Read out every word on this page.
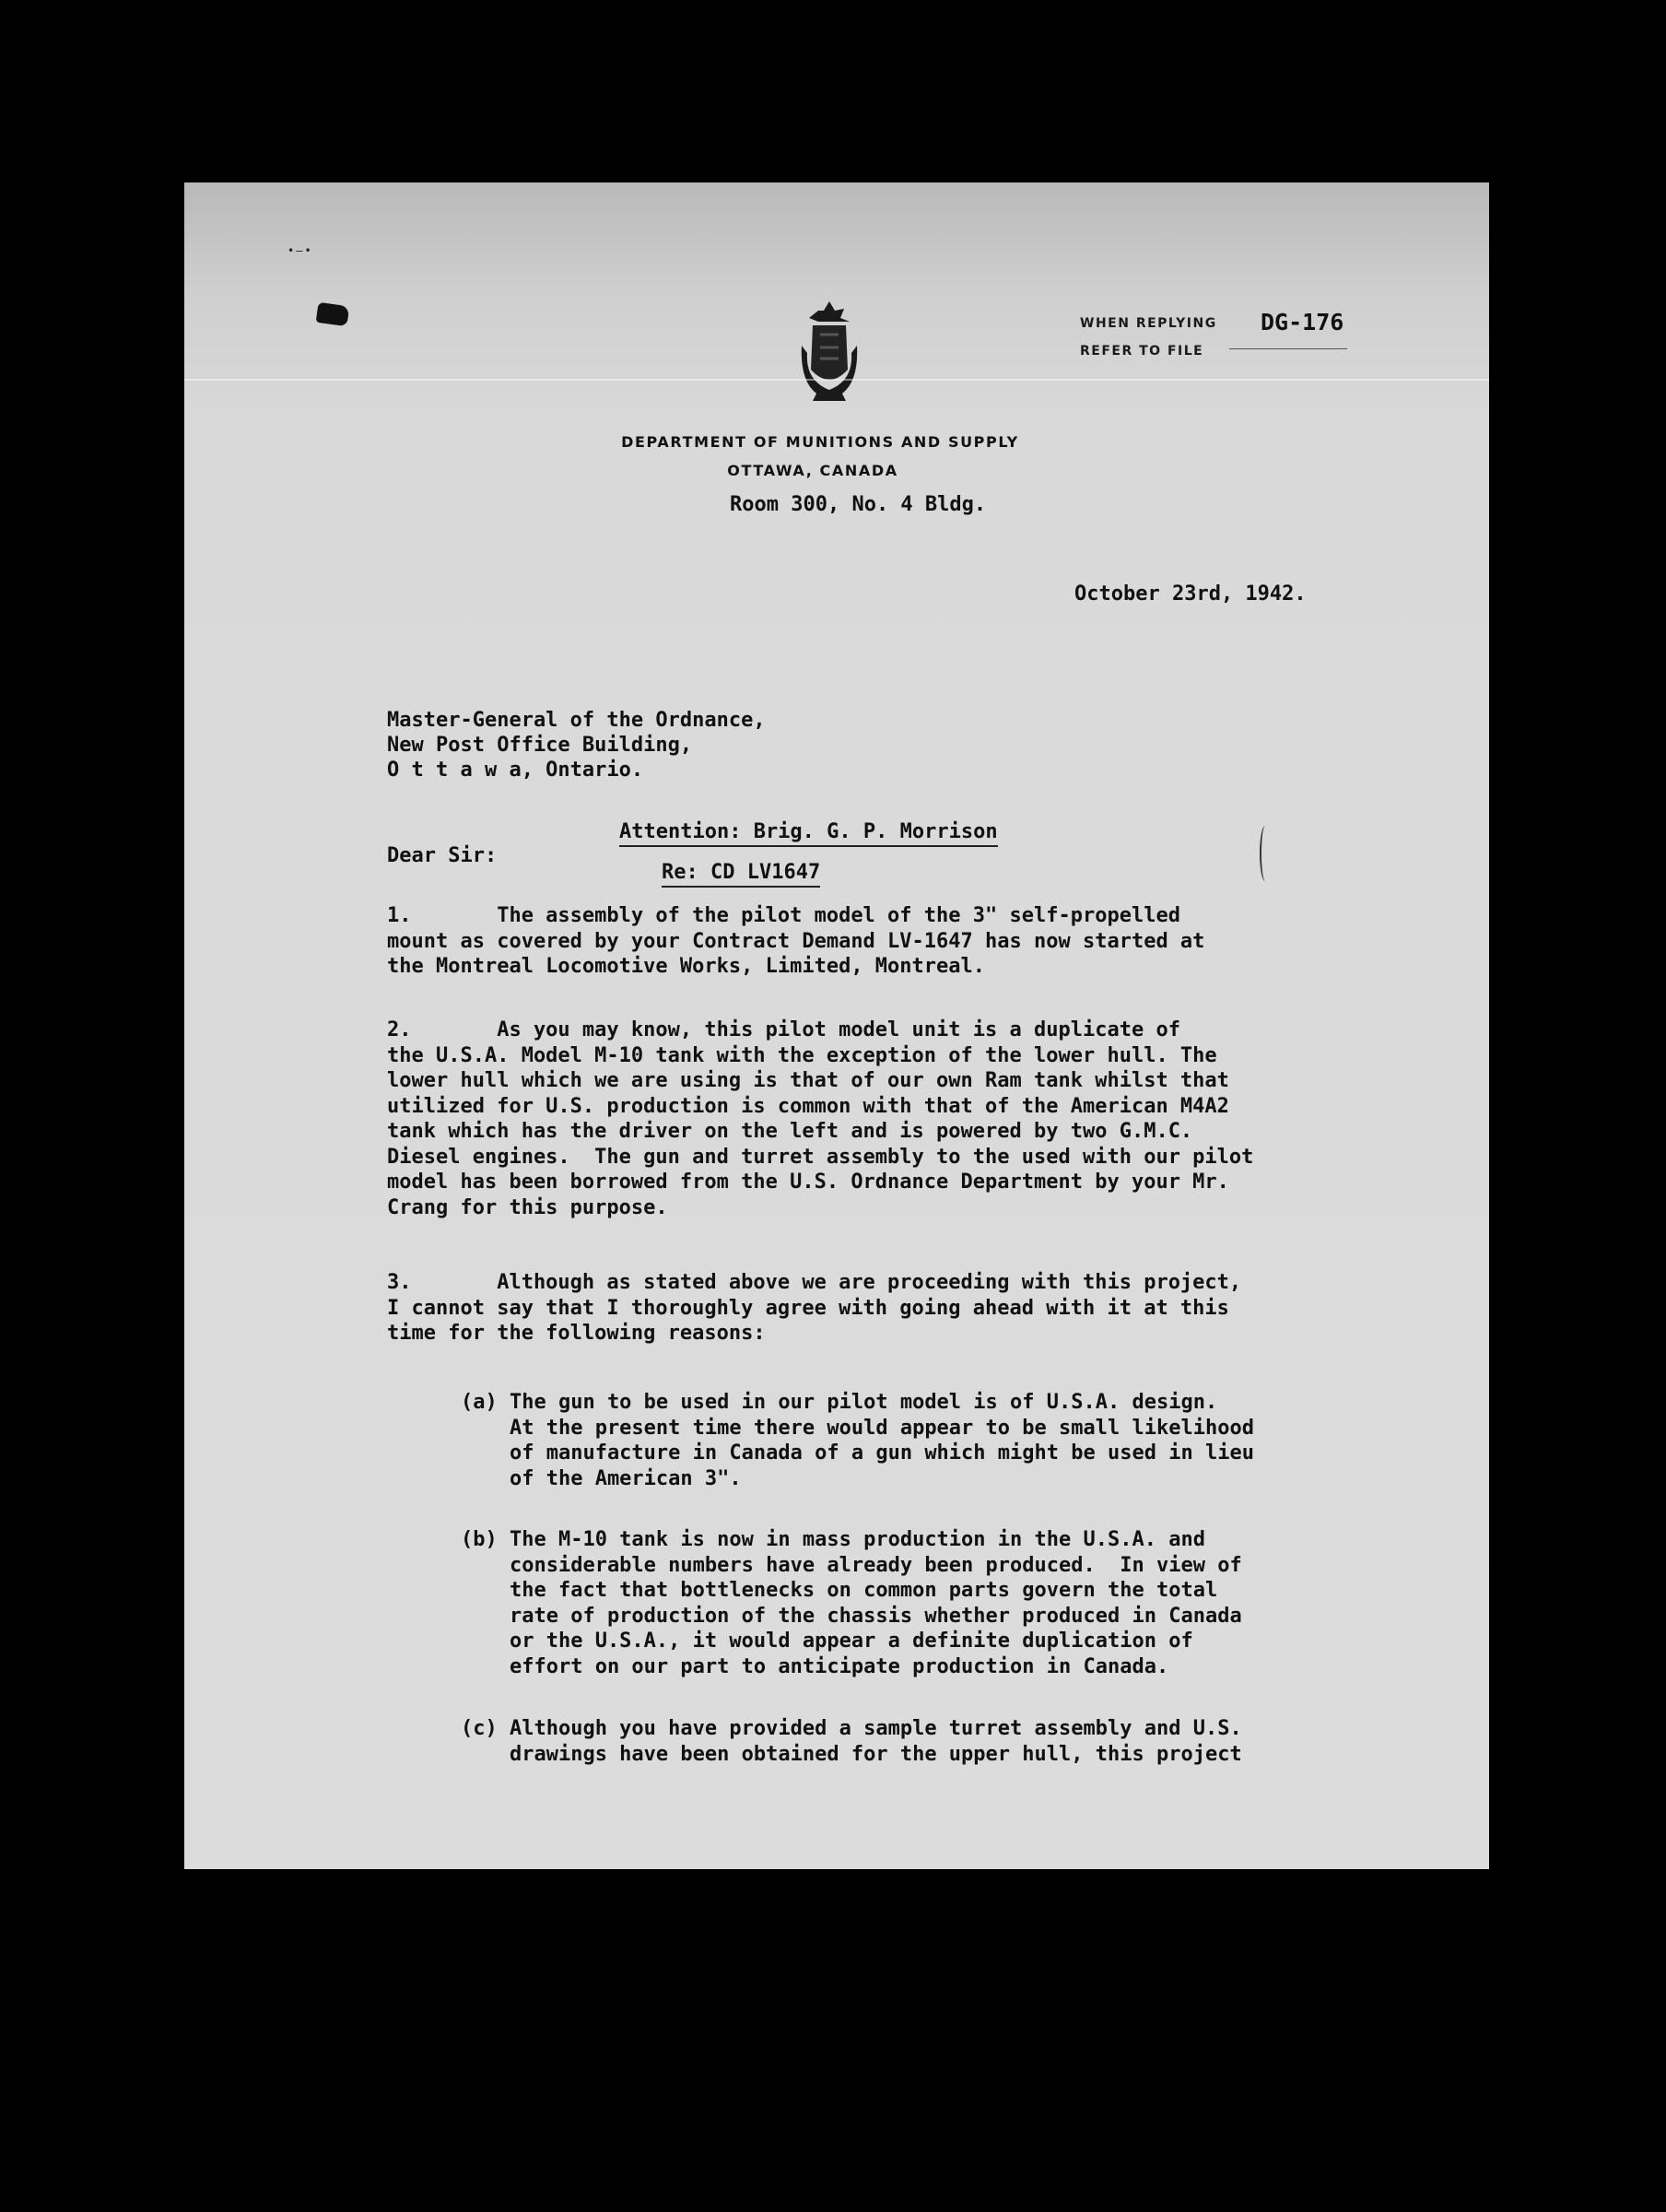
•—•
WHEN REPLYING
REFER TO FILE
DG-176
DEPARTMENT OF MUNITIONS AND SUPPLY
OTTAWA, CANADA
Room 300, No. 4 Bldg.
October 23rd, 1942.
Master-General of the Ordnance,
New Post Office Building,
O t t a w a, Ontario.
Attention: Brig. G. P. Morrison
Dear Sir:
Re: CD LV1647
1.       The assembly of the pilot model of the 3" self-propelled
mount as covered by your Contract Demand LV-1647 has now started at
the Montreal Locomotive Works, Limited, Montreal.
2.       As you may know, this pilot model unit is a duplicate of
the U.S.A. Model M-10 tank with the exception of the lower hull. The
lower hull which we are using is that of our own Ram tank whilst that
utilized for U.S. production is common with that of the American M4A2
tank which has the driver on the left and is powered by two G.M.C.
Diesel engines.  The gun and turret assembly to the used with our pilot
model has been borrowed from the U.S. Ordnance Department by your Mr.
Crang for this purpose.
3.       Although as stated above we are proceeding with this project,
I cannot say that I thoroughly agree with going ahead with it at this
time for the following reasons:
(a) The gun to be used in our pilot model is of U.S.A. design.
At the present time there would appear to be small likelihood
of manufacture in Canada of a gun which might be used in lieu
of the American 3".
(b) The M-10 tank is now in mass production in the U.S.A. and
considerable numbers have already been produced.  In view of
the fact that bottlenecks on common parts govern the total
rate of production of the chassis whether produced in Canada
or the U.S.A., it would appear a definite duplication of
effort on our part to anticipate production in Canada.
(c) Although you have provided a sample turret assembly and U.S.
drawings have been obtained for the upper hull, this project
